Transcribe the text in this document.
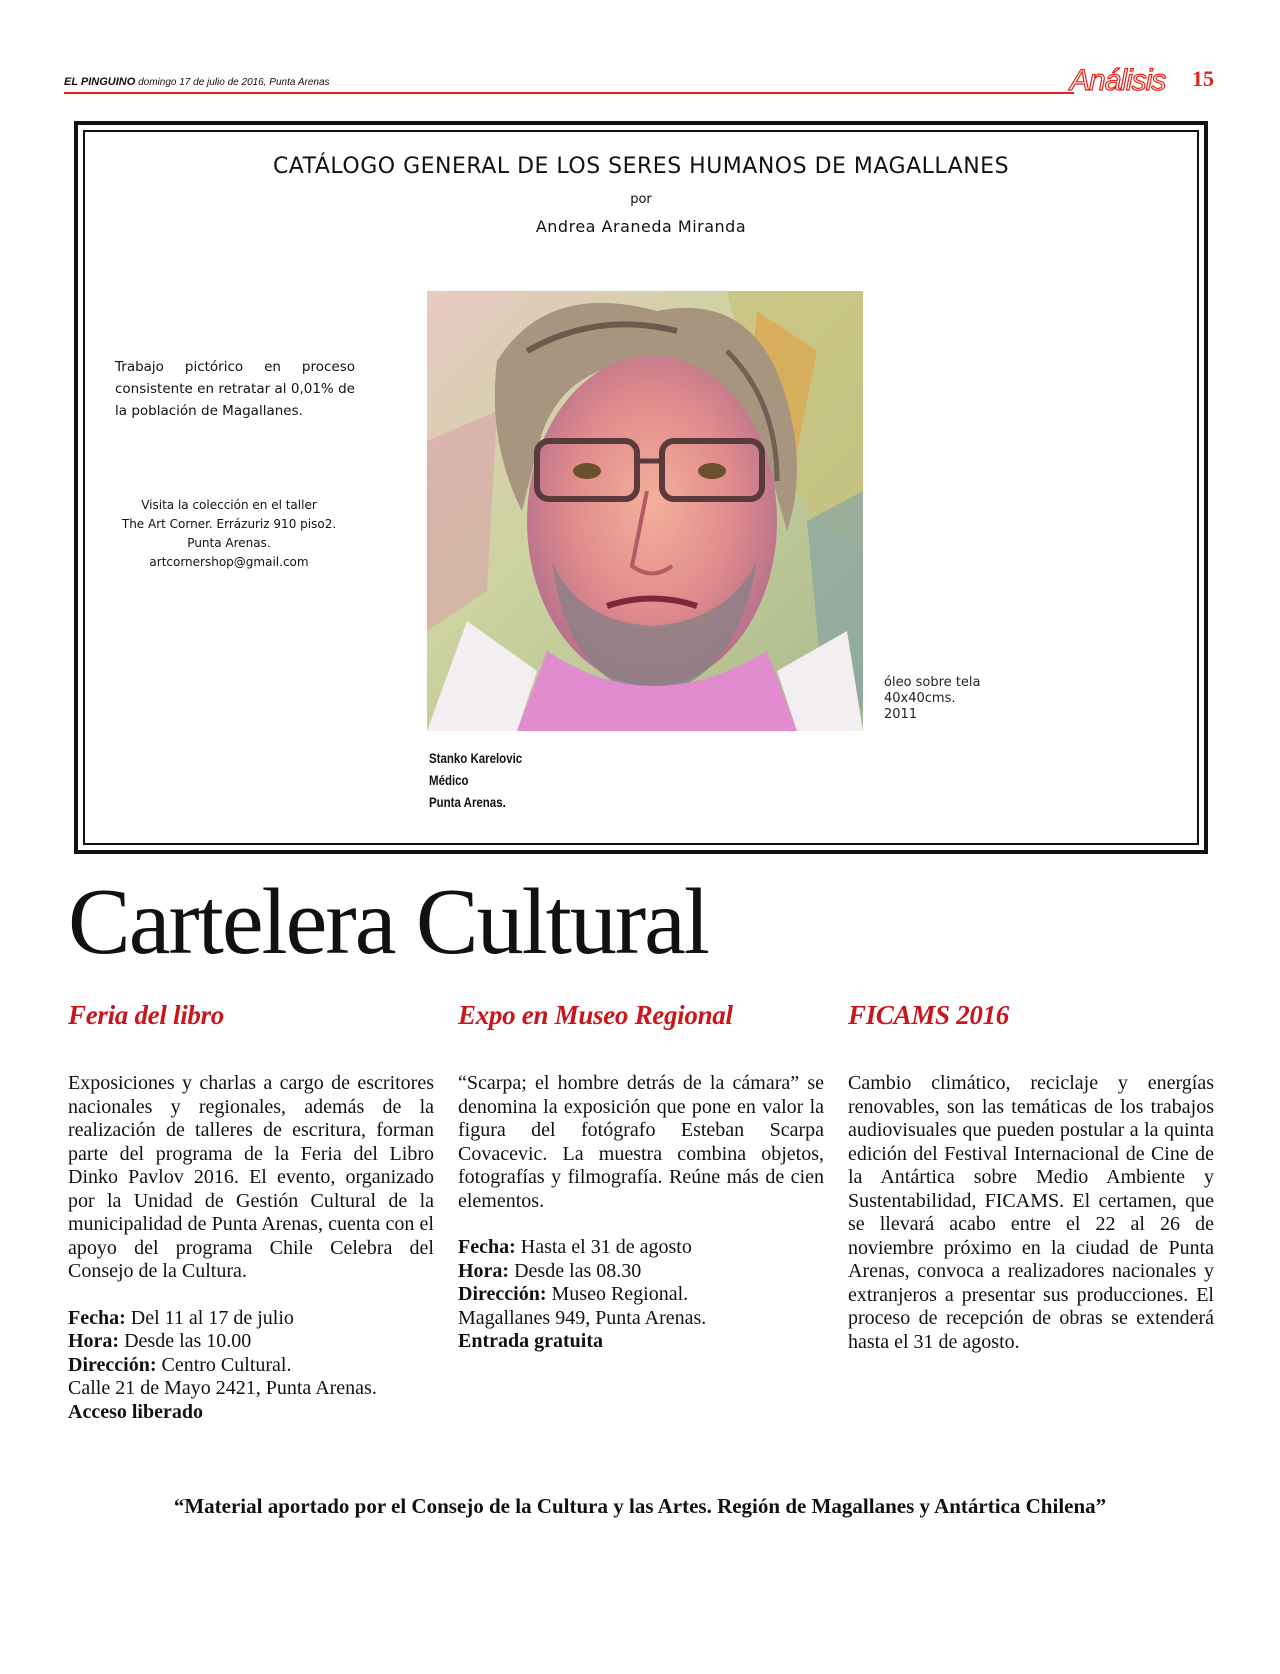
EL PINGUINO domingo 17 de julio de 2016, Punta Arenas	Análisis 15
CATÁLOGO GENERAL DE LOS SERES HUMANOS DE MAGALLANES
por
Andrea Araneda Miranda
Trabajo pictórico en proceso consistente en retratar al 0,01% de la población de Magallanes.
Visita la colección en el taller
The Art Corner. Errázuriz 910 piso2.
Punta Arenas.
artcornershop@gmail.com
óleo sobre tela
40x40cms.
2011
Stanko Karelovic
Médico
Punta Arenas.
Cartelera Cultural
Feria del libro

Exposiciones y charlas a cargo de escritores nacionales y regionales, además de la realización de talleres de escritura, forman parte del programa de la Feria del Libro Dinko Pavlov 2016. El evento, organizado por la Unidad de Gestión Cultural de la municipalidad de Punta Arenas, cuenta con el apoyo del programa Chile Celebra del Consejo de la Cultura.

Fecha: Del 11 al 17 de julio
Hora: Desde las 10.00
Dirección: Centro Cultural.
Calle 21 de Mayo 2421, Punta Arenas.
Acceso liberado
Expo en Museo Regional

“Scarpa; el hombre detrás de la cámara” se denomina la exposición que pone en valor la figura del fotógrafo Esteban Scarpa Covacevic. La muestra combina objetos, fotografías y filmografía. Reúne más de cien elementos.

Fecha: Hasta el 31 de agosto
Hora: Desde las 08.30
Dirección: Museo Regional.
Magallanes 949, Punta Arenas.
Entrada gratuita
FICAMS 2016

Cambio climático, reciclaje y energías renovables, son las temáticas de los trabajos audiovisuales que pueden postular a la quinta edición del Festival Internacional de Cine de la Antártica sobre Medio Ambiente y Sustentabilidad, FICAMS. El certamen, que se llevará acabo entre el 22 al 26 de noviembre próximo en la ciudad de Punta Arenas, convoca a realizadores nacionales y extranjeros a presentar sus producciones. El proceso de recepción de obras se extenderá hasta el 31 de agosto.

“Material aportado por el Consejo de la Cultura y las Artes. Región de Magallanes y Antártica Chilena”
